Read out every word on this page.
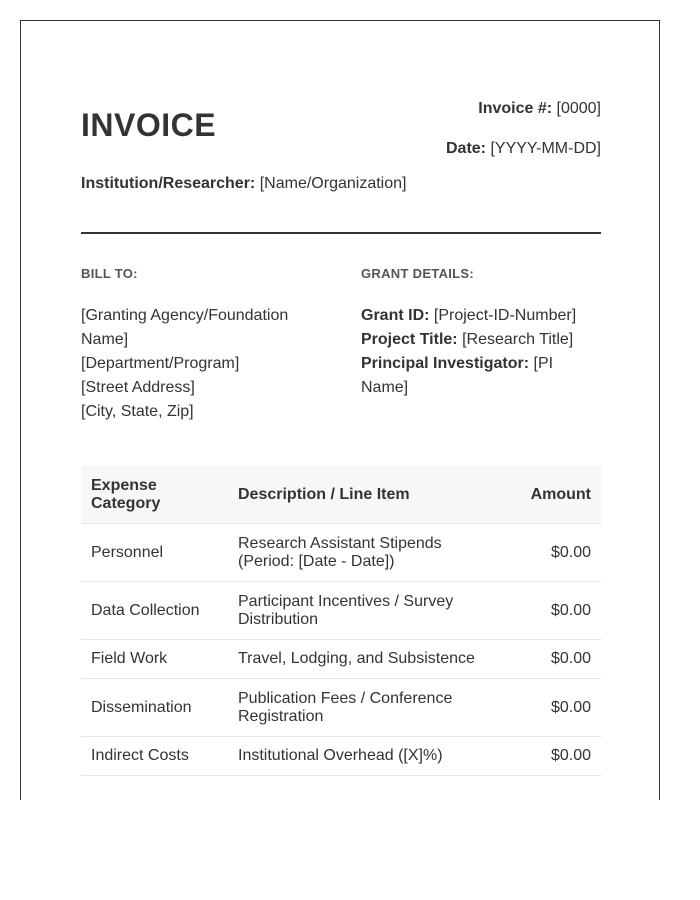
INVOICE	Invoice #: [0000]
Date: [YYYY-MM-DD]
Institution/Researcher: [Name/Organization]
BILL TO:
[Granting Agency/Foundation Name]
[Department/Program]
[Street Address]
[City, State, Zip]
GRANT DETAILS:
Grant ID: [Project-ID-Number]
Project Title: [Research Title]
Principal Investigator: [PI Name]
Expense Category	Description / Line Item	Amount
Personnel	Research Assistant Stipends (Period: [Date - Date])	$0.00
Data Collection	Participant Incentives / Survey Distribution	$0.00
Field Work	Travel, Lodging, and Subsistence	$0.00
Dissemination	Publication Fees / Conference Registration	$0.00
Indirect Costs	Institutional Overhead ([X]%)	$0.00
